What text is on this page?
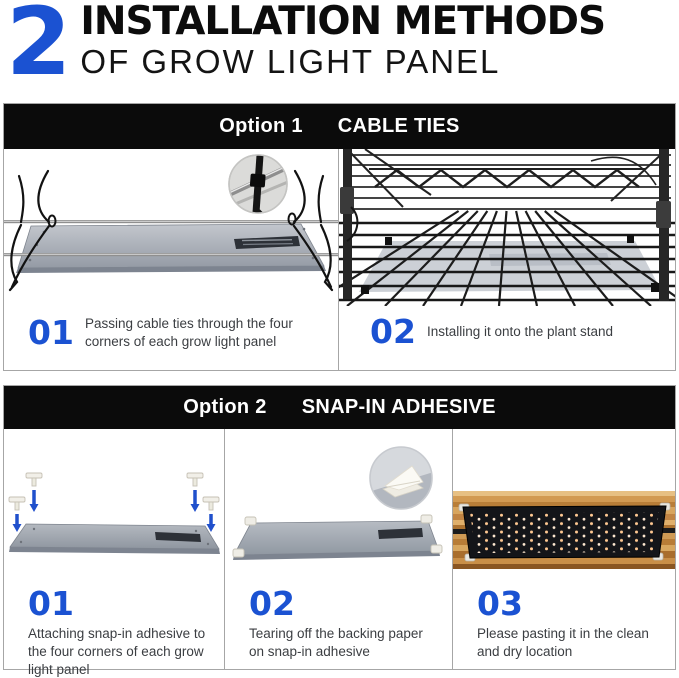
2 INSTALLATION METHODS
OF GROW LIGHT PANEL
Option 1 CABLE TIES
01 Passing cable ties through the four corners of each grow light panel	02 Installing it onto the plant stand
Option 2 SNAP-IN ADHESIVE
01
Attaching snap-in adhesive to the four corners of each grow light panel
02
Tearing off the backing paper on snap-in adhesive
03
Please pasting it in the clean and dry location
